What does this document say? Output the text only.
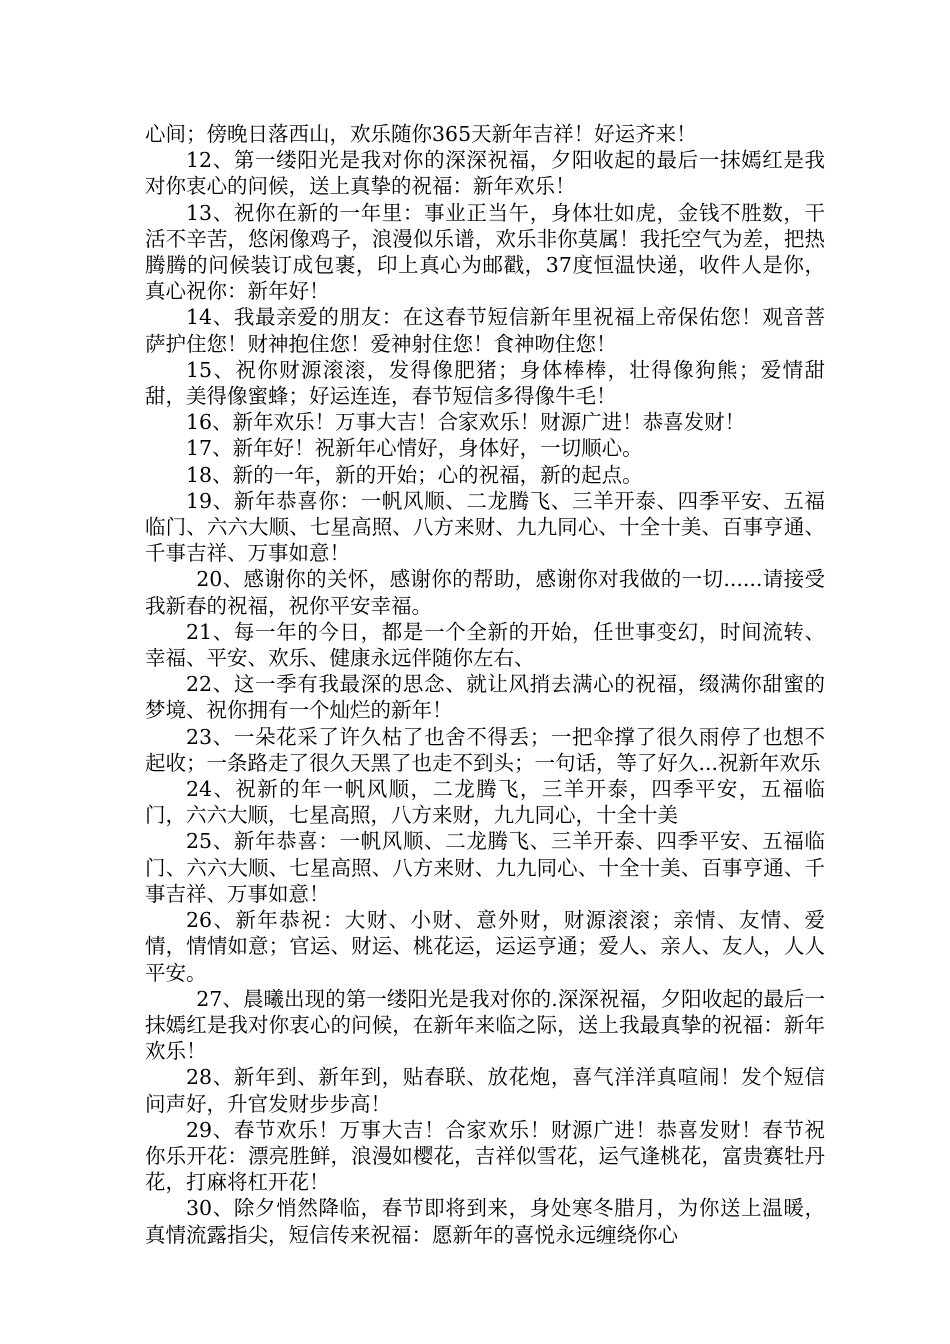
心间；傍晚日落西山，欢乐随你365天新年吉祥！好运齐来！

12、第一缕阳光是我对你的深深祝福，夕阳收起的最后一抹嫣红是我对你衷心的问候，送上真挚的祝福：新年欢乐！

13、祝你在新的一年里：事业正当午，身体壮如虎，金钱不胜数，干活不辛苦，悠闲像鸡子，浪漫似乐谱，欢乐非你莫属！我托空气为差，把热腾腾的问候装订成包裹，印上真心为邮戳，37度恒温快递，收件人是你，真心祝你：新年好！

14、我最亲爱的朋友：在这春节短信新年里祝福上帝保佑您！观音菩萨护住您！财神抱住您！爱神射住您！食神吻住您！

15、祝你财源滚滚，发得像肥猪；身体棒棒，壮得像狗熊；爱情甜甜，美得像蜜蜂；好运连连，春节短信多得像牛毛！

16、新年欢乐！万事大吉！合家欢乐！财源广进！恭喜发财！

17、新年好！祝新年心情好，身体好，一切顺心。

18、新的一年，新的开始；心的祝福，新的起点。

19、新年恭喜你：一帆风顺、二龙腾飞、三羊开泰、四季平安、五福临门、六六大顺、七星高照、八方来财、九九同心、十全十美、百事亨通、千事吉祥、万事如意！

20、感谢你的关怀，感谢你的帮助，感谢你对我做的一切......请接受我新春的祝福，祝你平安幸福。

21、每一年的今日，都是一个全新的开始，任世事变幻，时间流转、幸福、平安、欢乐、健康永远伴随你左右、

22、这一季有我最深的思念、就让风捎去满心的祝福，缀满你甜蜜的梦境、祝你拥有一个灿烂的新年！

23、一朵花采了许久枯了也舍不得丢；一把伞撑了很久雨停了也想不起收；一条路走了很久天黑了也走不到头；一句话，等了好久...祝新年欢乐

24、祝新的年一帆风顺，二龙腾飞，三羊开泰，四季平安，五福临门，六六大顺，七星高照，八方来财，九九同心，十全十美

25、新年恭喜：一帆风顺、二龙腾飞、三羊开泰、四季平安、五福临门、六六大顺、七星高照、八方来财、九九同心、十全十美、百事亨通、千事吉祥、万事如意！

26、新年恭祝：大财、小财、意外财，财源滚滚；亲情、友情、爱情，情情如意；官运、财运、桃花运，运运亨通；爱人、亲人、友人，人人平安。

27、晨曦出现的第一缕阳光是我对你的.深深祝福，夕阳收起的最后一抹嫣红是我对你衷心的问候，在新年来临之际，送上我最真挚的祝福：新年欢乐！

28、新年到、新年到，贴春联、放花炮，喜气洋洋真喧闹！发个短信问声好，升官发财步步高！

29、春节欢乐！万事大吉！合家欢乐！财源广进！恭喜发财！春节祝你乐开花：漂亮胜鲜，浪漫如樱花，吉祥似雪花，运气逢桃花，富贵赛牡丹花，打麻将杠开花！

30、除夕悄然降临，春节即将到来，身处寒冬腊月，为你送上温暖，真情流露指尖，短信传来祝福：愿新年的喜悦永远缠绕你心
